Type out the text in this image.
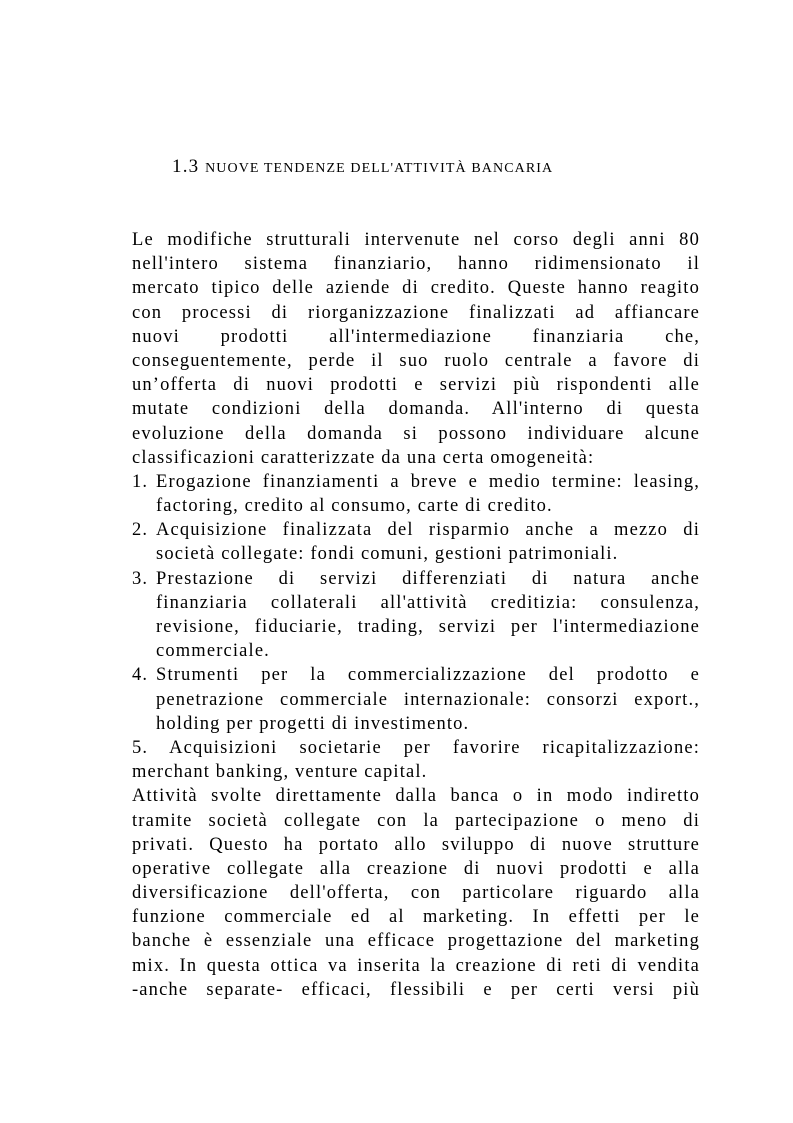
1.3 NUOVE TENDENZE DELL'ATTIVITÀ BANCARIA
Le modifiche strutturali intervenute nel corso degli anni 80
nell'intero sistema finanziario, hanno ridimensionato il
mercato tipico delle aziende di credito. Queste hanno reagito
con processi di riorganizzazione finalizzati ad affiancare
nuovi prodotti all'intermediazione finanziaria che,
conseguentemente, perde il suo ruolo centrale a favore di
un’offerta di nuovi prodotti e servizi più rispondenti alle
mutate condizioni della domanda. All'interno di questa
evoluzione della domanda si possono individuare alcune
classificazioni caratterizzate da una certa omogeneità:
1. Erogazione finanziamenti a breve e medio termine: leasing,
factoring, credito al consumo, carte di credito.
2. Acquisizione finalizzata del risparmio anche a mezzo di
società collegate: fondi comuni, gestioni patrimoniali.
3. Prestazione di servizi differenziati di natura anche
finanziaria collaterali all'attività creditizia: consulenza,
revisione, fiduciarie, trading, servizi per l'intermediazione
commerciale.
4. Strumenti per la commercializzazione del prodotto e
penetrazione commerciale internazionale: consorzi export.,
holding per progetti di investimento.
5. Acquisizioni societarie per favorire ricapitalizzazione:
merchant banking, venture capital.
Attività svolte direttamente dalla banca o in modo indiretto
tramite società collegate con la partecipazione o meno di
privati. Questo ha portato allo sviluppo di nuove strutture
operative collegate alla creazione di nuovi prodotti e alla
diversificazione dell'offerta, con particolare riguardo alla
funzione commerciale ed al marketing. In effetti per le
banche è essenziale una efficace progettazione del marketing
mix. In questa ottica va inserita la creazione di reti di vendita
-anche separate- efficaci, flessibili e per certi versi più
